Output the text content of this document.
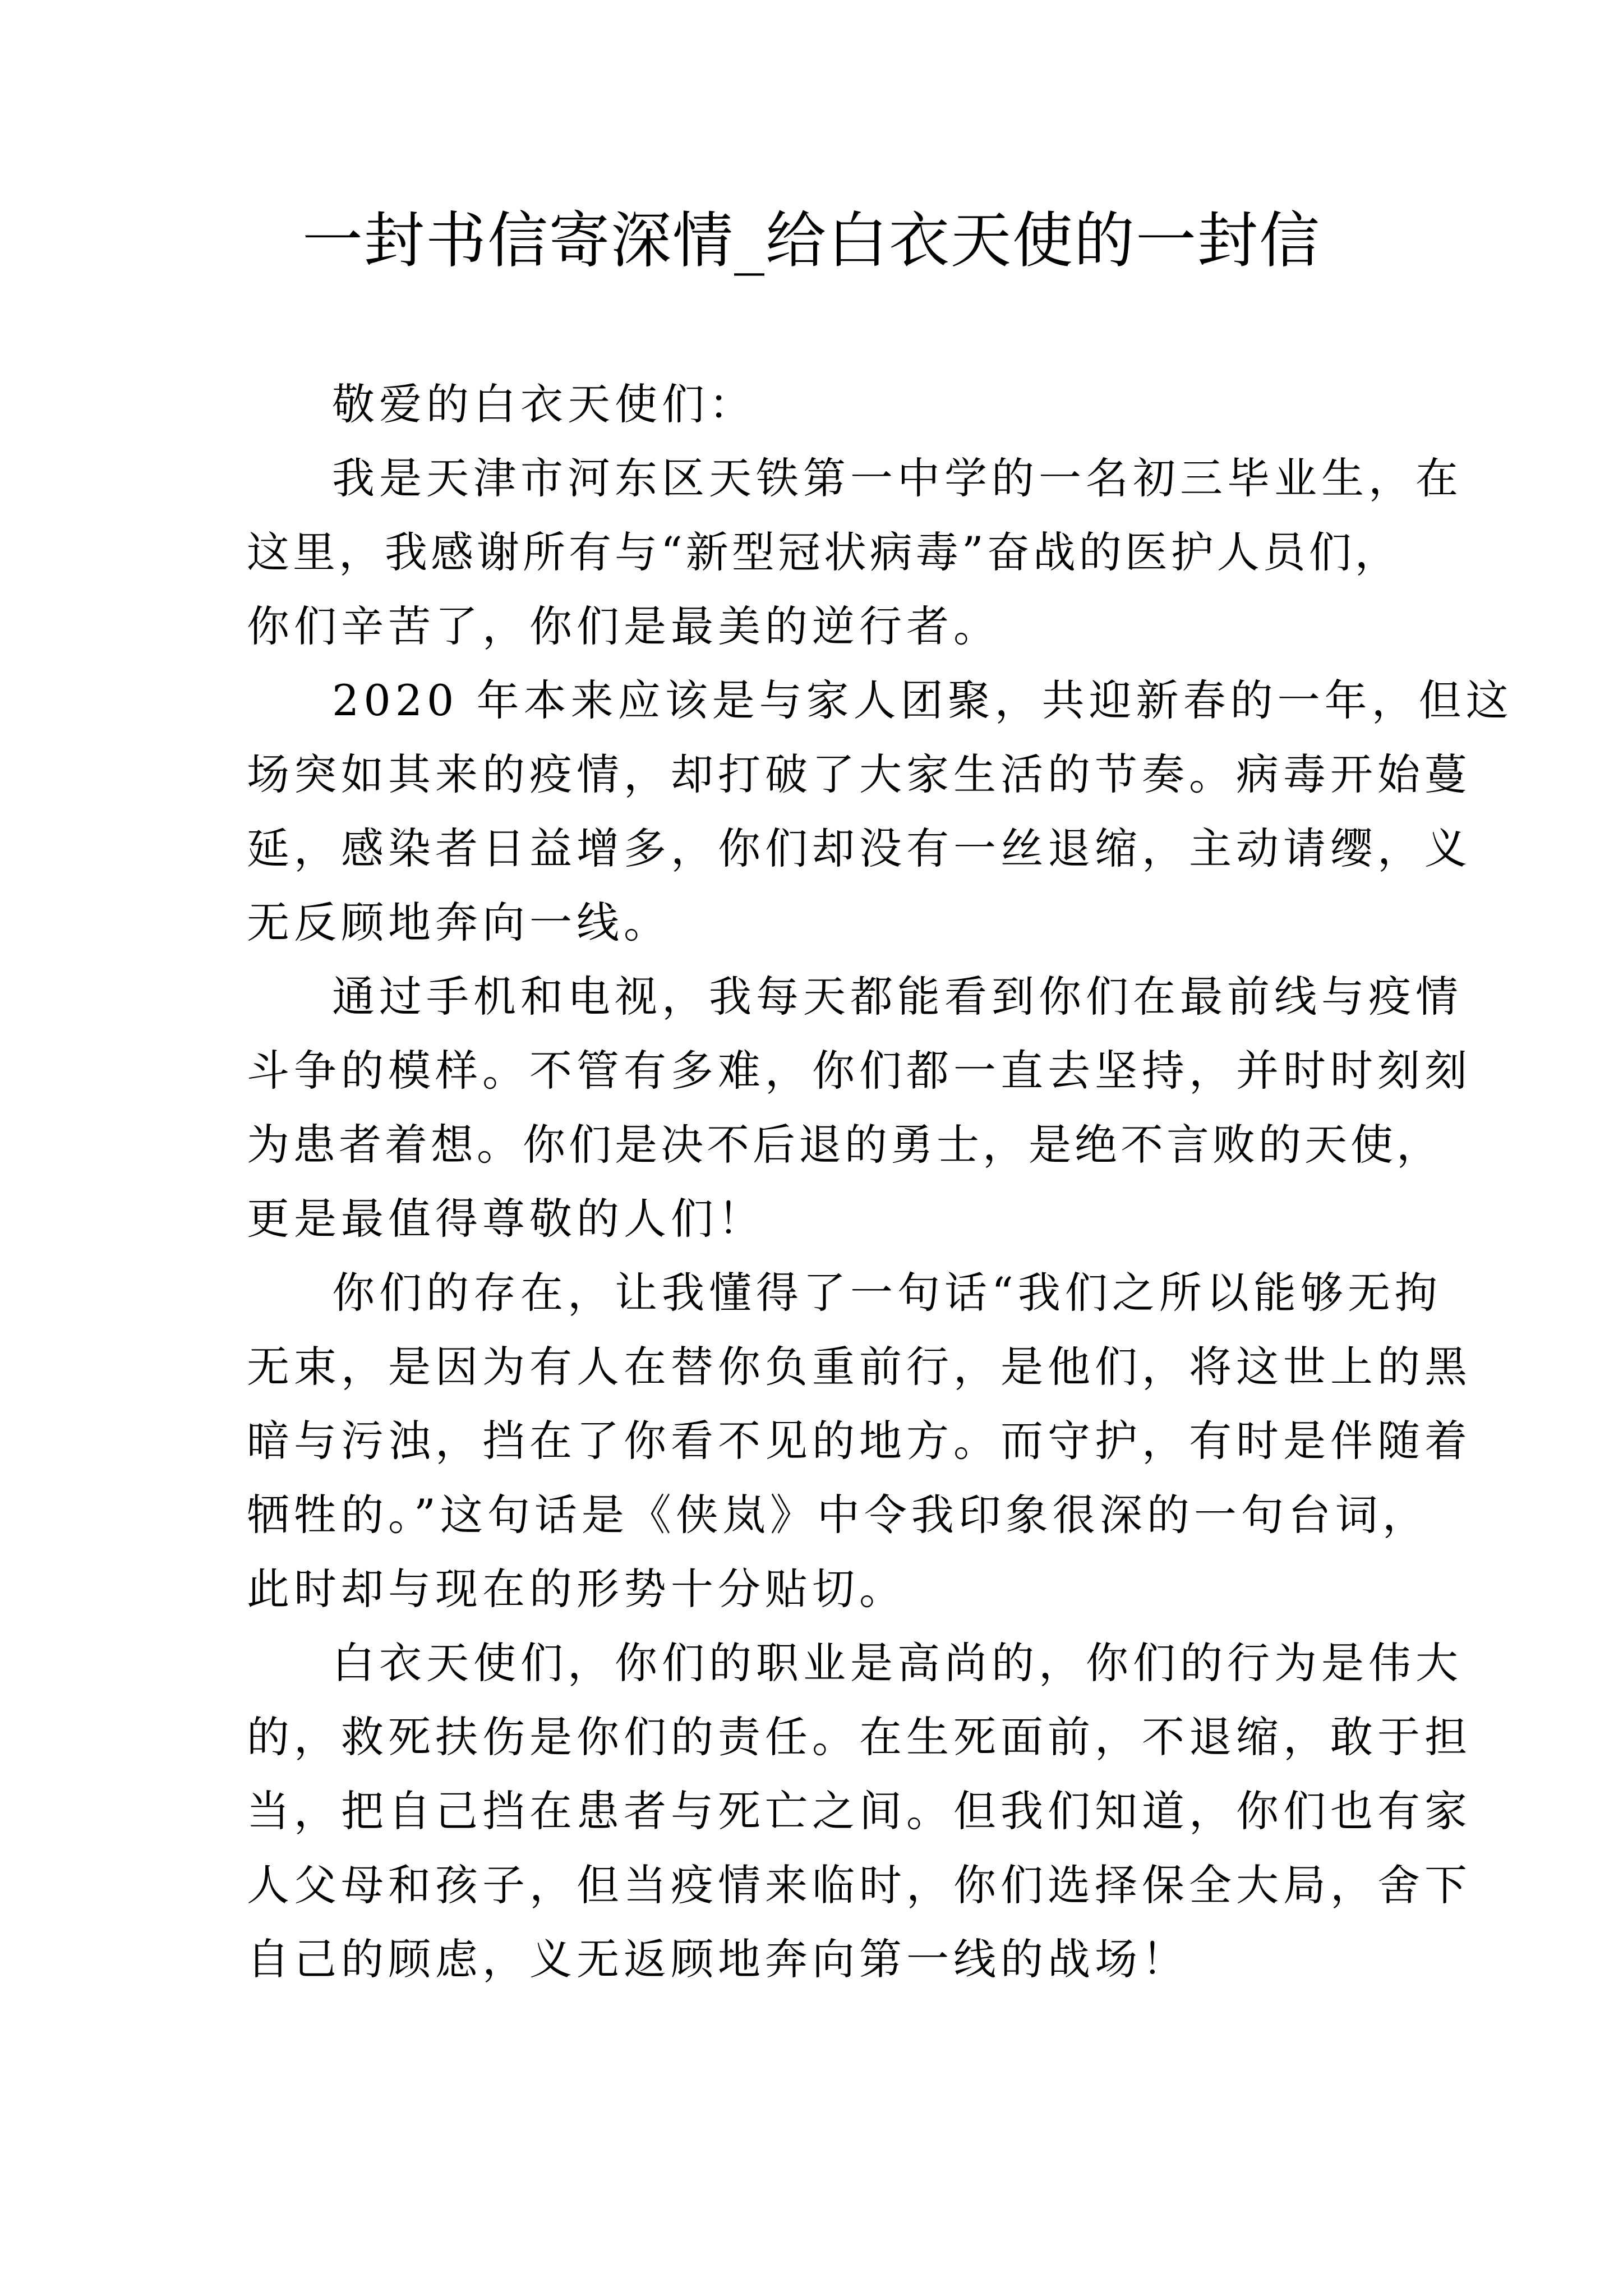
一封书信寄深情_给白衣天使的一封信
敬爱的白衣天使们：
我是天津市河东区天铁第一中学的一名初三毕业生，在
这里，我感谢所有与“新型冠状病毒”奋战的医护人员们，
你们辛苦了，你们是最美的逆行者。
2020 年本来应该是与家人团聚，共迎新春的一年，但这
场突如其来的疫情，却打破了大家生活的节奏。病毒开始蔓
延，感染者日益增多，你们却没有一丝退缩，主动请缨，义
无反顾地奔向一线。
通过手机和电视，我每天都能看到你们在最前线与疫情
斗争的模样。不管有多难，你们都一直去坚持，并时时刻刻
为患者着想。你们是决不后退的勇士，是绝不言败的天使，
更是最值得尊敬的人们！
你们的存在，让我懂得了一句话“我们之所以能够无拘
无束，是因为有人在替你负重前行，是他们，将这世上的黑
暗与污浊，挡在了你看不见的地方。而守护，有时是伴随着
牺牲的。”这句话是《侠岚》中令我印象很深的一句台词，
此时却与现在的形势十分贴切。
白衣天使们，你们的职业是高尚的，你们的行为是伟大
的，救死扶伤是你们的责任。在生死面前，不退缩，敢于担
当，把自己挡在患者与死亡之间。但我们知道，你们也有家
人父母和孩子，但当疫情来临时，你们选择保全大局，舍下
自己的顾虑，义无返顾地奔向第一线的战场！
